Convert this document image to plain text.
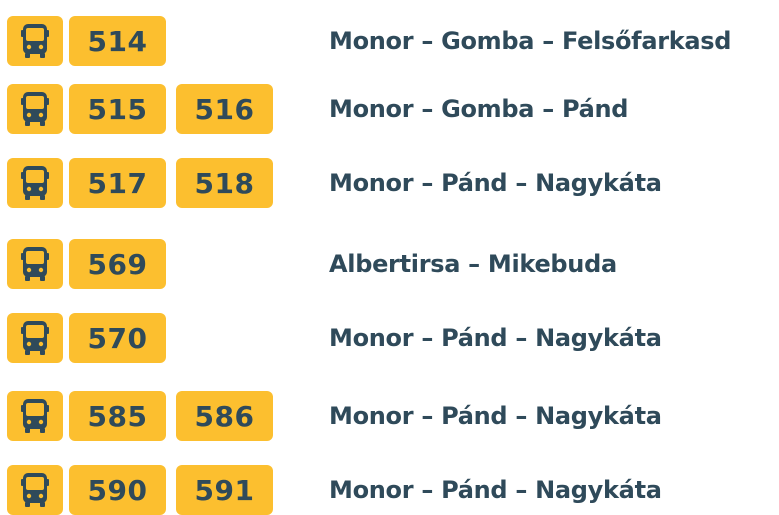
514	Monor – Gomba – Felsőfarkasd
515	516	Monor – Gomba – Pánd
517	518	Monor – Pánd – Nagykáta
569	Albertirsa – Mikebuda
570	Monor – Pánd – Nagykáta
585	586	Monor – Pánd – Nagykáta
590	591	Monor – Pánd – Nagykáta
